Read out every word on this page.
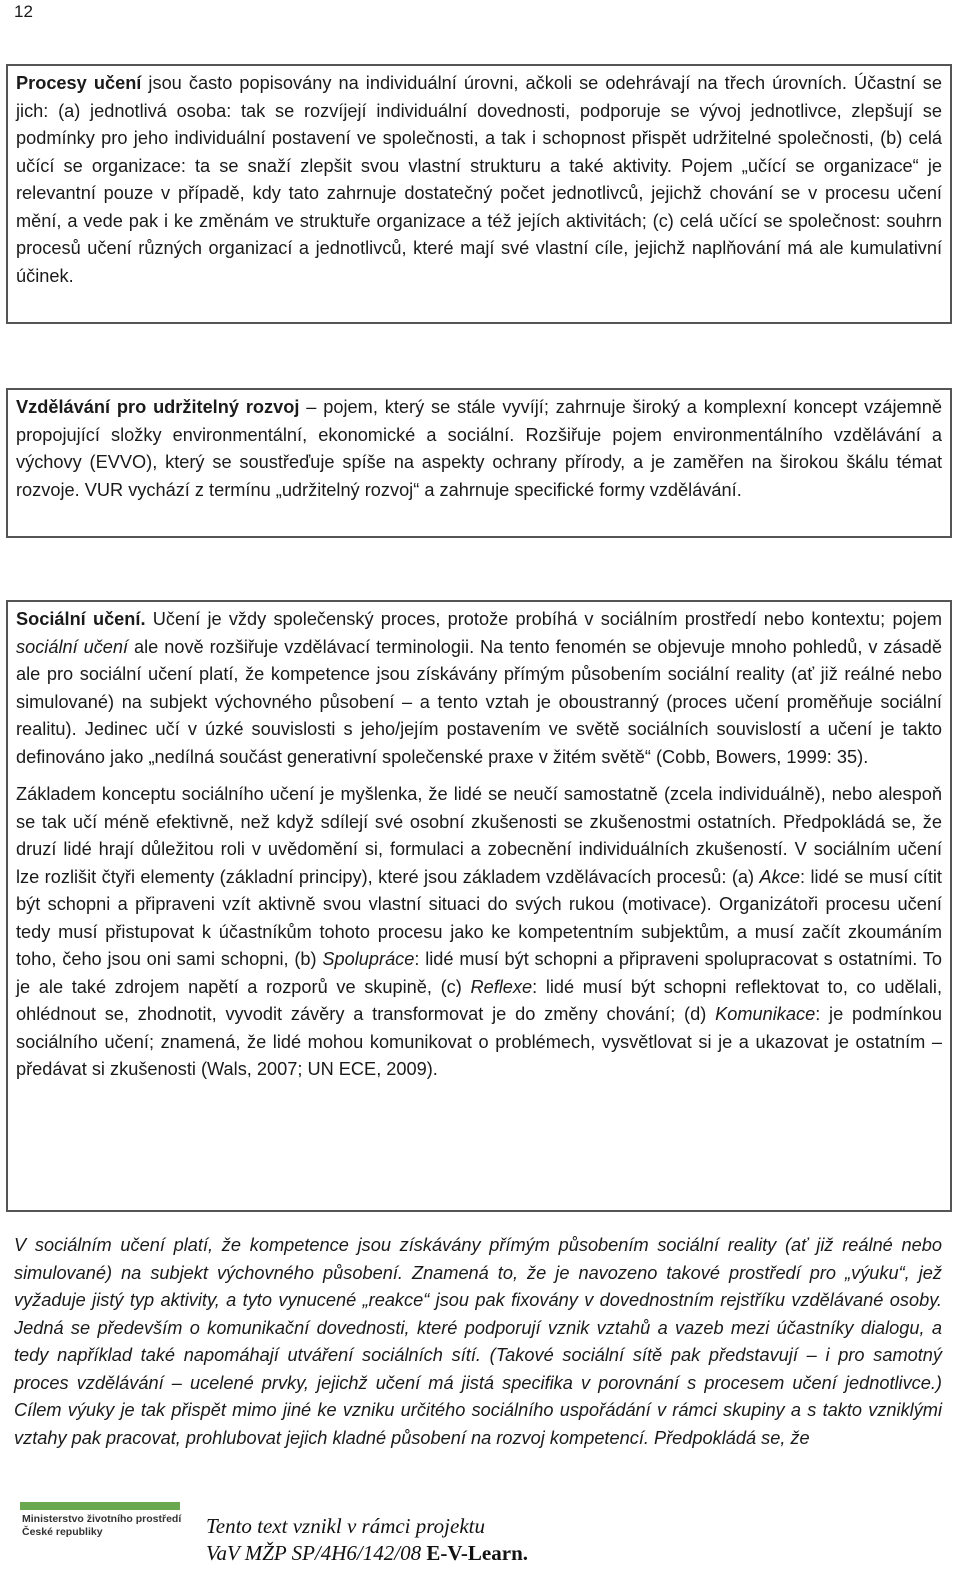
12

Procesy učení jsou často popisovány na individuální úrovni, ačkoli se odehrávají na třech úrovních. Účastní se jich: (a) jednotlivá osoba: tak se rozvíjejí individuální dovednosti, podporuje se vývoj jednotlivce, zlepšují se podmínky pro jeho individuální postavení ve společnosti, a tak i schopnost přispět udržitelné společnosti, (b) celá učící se organizace: ta se snaží zlepšit svou vlastní strukturu a také aktivity. Pojem „učící se organizace“ je relevantní pouze v případě, kdy tato zahrnuje dostatečný počet jednotlivců, jejichž chování se v procesu učení mění, a vede pak i ke změnám ve struktuře organizace a též jejích aktivitách; (c) celá učící se společnost: souhrn procesů učení různých organizací a jednotlivců, které mají své vlastní cíle, jejichž naplňování má ale kumulativní účinek.

Vzdělávání pro udržitelný rozvoj – pojem, který se stále vyvíjí; zahrnuje široký a komplexní koncept vzájemně propojující složky environmentální, ekonomické a sociální. Rozšiřuje pojem environmentálního vzdělávání a výchovy (EVVO), který se soustřeďuje spíše na aspekty ochrany přírody, a je zaměřen na širokou škálu témat rozvoje. VUR vychází z termínu „udržitelný rozvoj“ a zahrnuje specifické formy vzdělávání.

Sociální učení. Učení je vždy společenský proces, protože probíhá v sociálním prostředí nebo kontextu; pojem sociální učení ale nově rozšiřuje vzdělávací terminologii. Na tento fenomén se objevuje mnoho pohledů, v zásadě ale pro sociální učení platí, že kompetence jsou získávány přímým působením sociální reality (ať již reálné nebo simulované) na subjekt výchovného působení – a tento vztah je oboustranný (proces učení proměňuje sociální realitu). Jedinec učí v úzké souvislosti s jeho/jejím postavením ve světě sociálních souvislostí a učení je takto definováno jako „nedílná součást generativní společenské praxe v žitém světě“ (Cobb, Bowers, 1999: 35).

Základem konceptu sociálního učení je myšlenka, že lidé se neučí samostatně (zcela individuálně), nebo alespoň se tak učí méně efektivně, než když sdílejí své osobní zkušenosti se zkušenostmi ostatních. Předpokládá se, že druzí lidé hrají důležitou roli v uvědomění si, formulaci a zobecnění individuálních zkušeností. V sociálním učení lze rozlišit čtyři elementy (základní principy), které jsou základem vzdělávacích procesů: (a) Akce: lidé se musí cítit být schopni a připraveni vzít aktivně svou vlastní situaci do svých rukou (motivace). Organizátoři procesu učení tedy musí přistupovat k účastníkům tohoto procesu jako ke kompetentním subjektům, a musí začít zkoumáním toho, čeho jsou oni sami schopni, (b) Spolupráce: lidé musí být schopni a připraveni spolupracovat s ostatními. To je ale také zdrojem napětí a rozporů ve skupině, (c) Reflexe: lidé musí být schopni reflektovat to, co udělali, ohlédnout se, zhodnotit, vyvodit závěry a transformovat je do změny chování; (d) Komunikace: je podmínkou sociálního učení; znamená, že lidé mohou komunikovat o problémech, vysvětlovat si je a ukazovat je ostatním – předávat si zkušenosti (Wals, 2007; UN ECE, 2009).

V sociálním učení platí, že kompetence jsou získávány přímým působením sociální reality (ať již reálné nebo simulované) na subjekt výchovného působení. Znamená to, že je navozeno takové prostředí pro „výuku“, jež vyžaduje jistý typ aktivity, a tyto vynucené „reakce“ jsou pak fixovány v dovednostním rejstříku vzdělávané osoby. Jedná se především o komunikační dovednosti, které podporují vznik vztahů a vazeb mezi účastníky dialogu, a tedy například také napomáhají utváření sociálních sítí. (Takové sociální sítě pak představují – i pro samotný proces vzdělávání – ucelené prvky, jejichž učení má jistá specifika v porovnání s procesem učení jednotlivce.) Cílem výuky je tak přispět mimo jiné ke vzniku určitého sociálního uspořádání v rámci skupiny a s takto vzniklými vztahy pak pracovat, prohlubovat jejich kladné působení na rozvoj kompetencí. Předpokládá se, že
Ministerstvo životního prostředí
České republiky	Tento text vznikl v rámci projektu
VaV MŽP SP/4H6/142/08 E-V-Learn.
